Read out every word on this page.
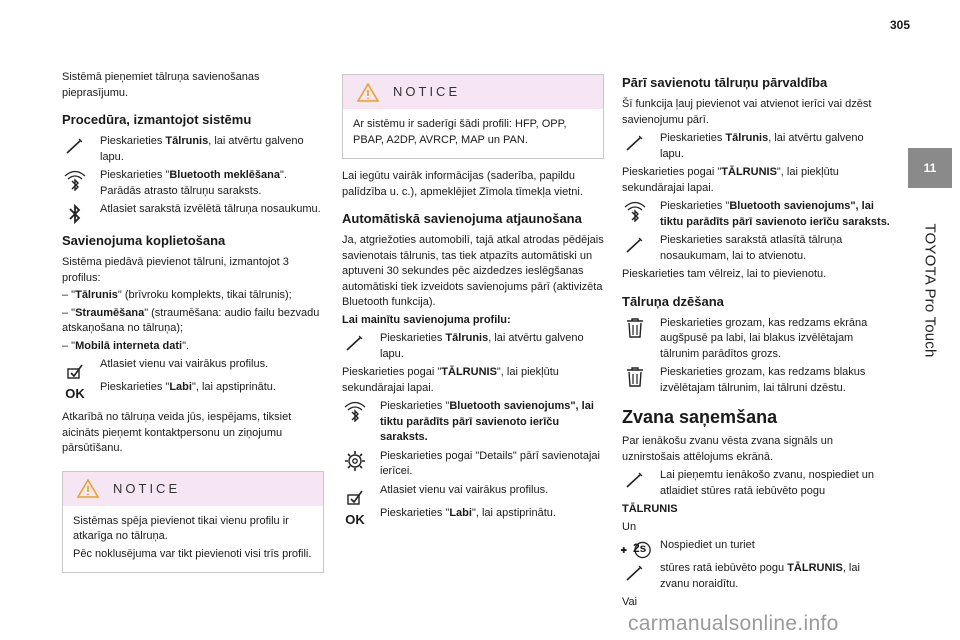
305
11
TOYOTA Pro Touch

Sistēmā pieņemiet tālruņa savienošanas pieprasījumu.

Procedūra, izmantojot sistēmu
Pieskarieties Tālrunis, lai atvērtu galveno lapu.
Pieskarieties "Bluetooth meklēšana". Parādās atrasto tālruņu saraksts.
Atlasiet sarakstā izvēlētā tālruņa nosaukumu.
Savienojuma koplietošana

Sistēma piedāvā pievienot tālruni, izmantojot 3 profilus:

– "Tālrunis" (brīvroku komplekts, tikai tālrunis);

– "Straumēšana" (straumēšana: audio failu bezvadu atskaņošana no tālruņa);

– "Mobilā interneta dati".

Atlasiet vienu vai vairākus profilus.
OK Pieskarieties "Labi", lai apstiprinātu.

Atkarībā no tālruņa veida jūs, iespējams, tiksiet aicināts pieņemt kontaktpersonu un ziņojumu pārsūtīšanu.

NOTICE

Sistēmas spēja pievienot tikai vienu profilu ir atkarīga no tālruņa.

Pēc noklusējuma var tikt pievienoti visi trīs profili.

NOTICE

Ar sistēmu ir saderīgi šādi profili: HFP, OPP, PBAP, A2DP, AVRCP, MAP un PAN.

Lai iegūtu vairāk informācijas (saderība, papildu palīdzība u. c.), apmeklējiet Zīmola tīmekļa vietni.

Automātiskā savienojuma atjaunošana

Ja, atgriežoties automobilī, tajā atkal atrodas pēdējais savienotais tālrunis, tas tiek atpazīts automātiski un aptuveni 30 sekundes pēc aizdedzes ieslēgšanas automātiski tiek izveidots savienojums pārī (aktivizēta Bluetooth funkcija).

Lai mainītu savienojuma profilu:

Pieskarieties Tālrunis, lai atvērtu galveno lapu.

Pieskarieties pogai "TĀLRUNIS", lai piekļūtu sekundārajai lapai.

Pieskarieties "Bluetooth savienojums", lai tiktu parādīts pārī savienoto ierīču saraksts.
Pieskarieties pogai "Details" pārī savienotajai ierīcei.
Atlasiet vienu vai vairākus profilus.
OK Pieskarieties "Labi", lai apstiprinātu.
Pārī savienotu tālruņu pārvaldība

Šī funkcija ļauj pievienot vai atvienot ierīci vai dzēst savienojumu pārī.

Pieskarieties Tālrunis, lai atvērtu galveno lapu.

Pieskarieties pogai "TĀLRUNIS", lai piekļūtu sekundārajai lapai.

Pieskarieties "Bluetooth savienojums", lai tiktu parādīts pārī savienoto ierīču saraksts.
Pieskarieties sarakstā atlasītā tālruņa nosaukumam, lai to atvienotu.

Pieskarieties tam vēlreiz, lai to pievienotu.

Tālruņa dzēšana
Pieskarieties grozam, kas redzams ekrāna augšpusē pa labi, lai blakus izvēlētajam tālrunim parādītos grozs.
Pieskarieties grozam, kas redzams blakus izvēlētajam tālrunim, lai tālruni dzēstu.
Zvana saņemšana

Par ienākošu zvanu vēsta zvana signāls un uznirstošais attēlojums ekrānā.

Lai pieņemtu ienākošo zvanu, nospiediet un atlaidiet stūres ratā iebūvēto pogu

TĀLRUNIS

Un

2s Nospiediet un turiet
stūres ratā iebūvēto pogu TĀLRUNIS, lai zvanu noraidītu.

Vai

carmanualsonline.info
